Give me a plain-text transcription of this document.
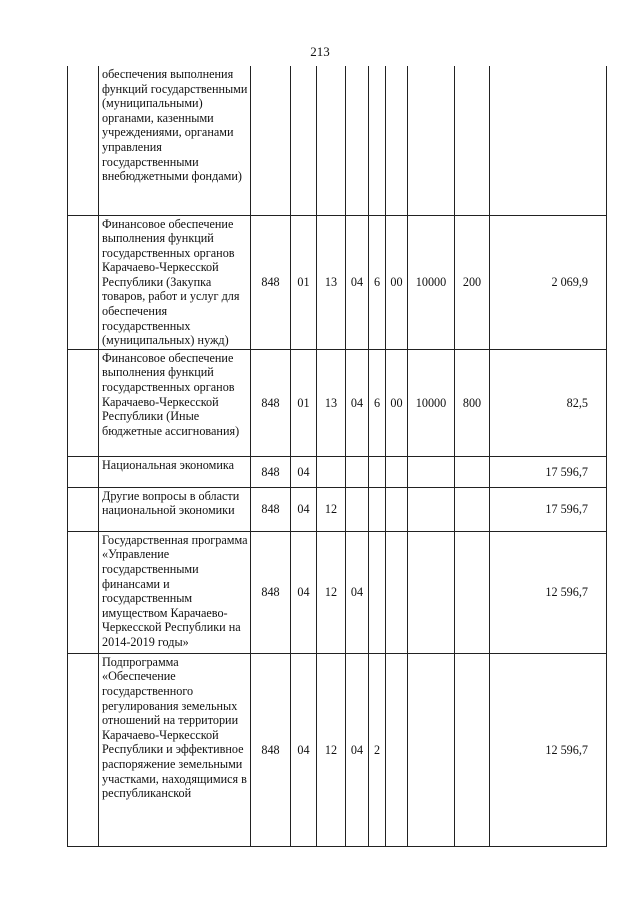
213
	обеспечения выполнения функций государственными (муниципальными) органами, казенными учреждениями, органами управления государственными внебюджетными фондами)									
	Финансовое обеспечение выполнения функций государственных органов Карачаево-Черкесской Республики (Закупка товаров, работ и услуг для обеспечения государственных (муниципальных) нужд)	848	01	13	04	6	00	10000	200	2 069,9
	Финансовое обеспечение выполнения функций государственных органов Карачаево-Черкесской Республики (Иные бюджетные ассигнования)	848	01	13	04	6	00	10000	800	82,5
	Национальная экономика	848	04							17 596,7
	Другие вопросы в области национальной экономики	848	04	12						17 596,7
	Государственная программа «Управление государственными финансами и государственным имуществом Карачаево-Черкесской Республики на 2014-2019 годы»	848	04	12	04					12 596,7
	Подпрограмма «Обеспечение государственного регулирования земельных отношений на территории Карачаево-Черкесской Республики и эффективное распоряжение земельными участками, находящимися в республиканской	848	04	12	04	2				12 596,7
